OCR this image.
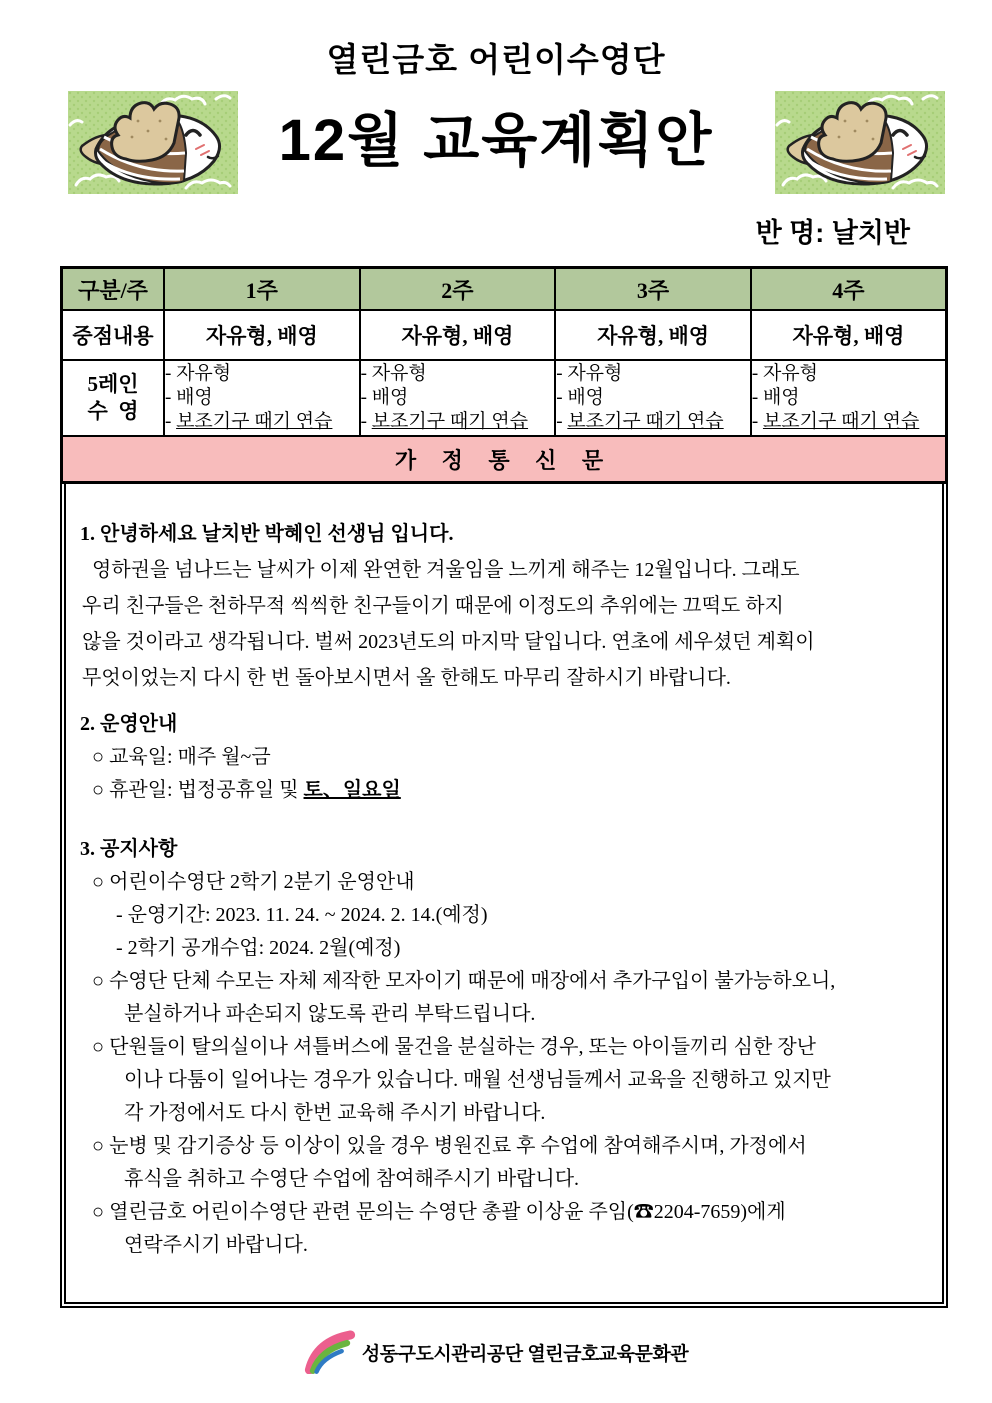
열린금호 어린이수영단
12월 교육계획안
반 명: 날치반
구분/주	1주	2주	3주	4주
중점내용	자유형, 배영	자유형, 배영	자유형, 배영	자유형, 배영

5레인
수  영

- 자유형
- 배영
- 보조기구 때기 연습

- 자유형
- 배영
- 보조기구 때기 연습

- 자유형
- 배영
- 보조기구 때기 연습

- 자유형
- 배영
- 보조기구 때기 연습

가 정 통 신 문				
1. 안녕하세요 날치반 박혜인 선생님 입니다.
영하권을 넘나드는 날씨가 이제 완연한 겨울임을 느끼게 해주는 12월입니다. 그래도
우리 친구들은 천하무적 씩씩한 친구들이기 때문에 이정도의 추위에는 끄떡도 하지
않을 것이라고 생각됩니다. 벌써 2023년도의 마지막 달입니다. 연초에 세우셨던 계획이
무엇이었는지 다시 한 번 돌아보시면서 올 한해도 마무리 잘하시기 바랍니다.
2. 운영안내
○ 교육일: 매주 월~금
○ 휴관일: 법정공휴일 및 토、일요일
3. 공지사항
○ 어린이수영단 2학기 2분기 운영안내
- 운영기간: 2023. 11. 24. ~ 2024. 2. 14.(예정)
- 2학기 공개수업: 2024. 2월(예정)
○ 수영단 단체 수모는 자체 제작한 모자이기 때문에 매장에서 추가구입이 불가능하오니,
분실하거나 파손되지 않도록 관리 부탁드립니다.
○ 단원들이 탈의실이나 셔틀버스에 물건을 분실하는 경우, 또는 아이들끼리 심한 장난
이나 다툼이 일어나는 경우가 있습니다. 매월 선생님들께서 교육을 진행하고 있지만
각 가정에서도 다시 한번 교육해 주시기 바랍니다.
○ 눈병 및 감기증상 등 이상이 있을 경우 병원진료 후 수업에 참여해주시며, 가정에서
휴식을 취하고 수영단 수업에 참여해주시기 바랍니다.
○ 열린금호 어린이수영단 관련 문의는 수영단 총괄 이상윤 주임(☎2204-7659)에게
연락주시기 바랍니다.
성동구도시관리공단 열린금호교육문화관
